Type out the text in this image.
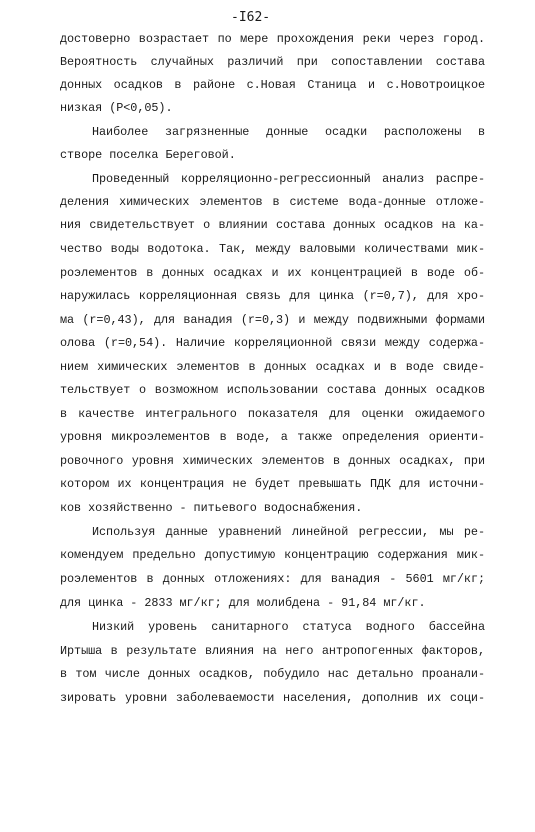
-I62-
достоверно возрастает по мере прохождения реки через город.
Вероятность случайных различий при сопоставлении состава
донных осадков в районе с.Новая Станица и с.Новотроицкое
низкая (Р<0,05).
Наиболее загрязненные донные осадки расположены в
створе поселка Береговой.
Проведенный корреляционно-регрессионный анализ распре-
деления химических элементов в системе вода-донные отложе-
ния свидетельствует о влиянии состава донных осадков на ка-
чество воды водотока. Так, между валовыми количествами мик-
роэлементов в донных осадках и их концентрацией в воде об-
наружилась корреляционная связь для цинка (r=0,7), для хро-
ма (r=0,43), для ванадия (r=0,3) и между подвижными формами
олова (r=0,54). Наличие корреляционной связи между содержа-
нием химических элементов в донных осадках и в воде свиде-
тельствует о возможном использовании состава донных осадков
в качестве интегрального показателя для оценки ожидаемого
уровня микроэлементов в воде, а также определения ориенти-
ровочного уровня химических элементов в донных осадках, при
котором их концентрация не будет превышать ПДК для источни-
ков хозяйственно - питьевого водоснабжения.
Используя данные уравнений линейной регрессии, мы ре-
комендуем предельно допустимую концентрацию содержания мик-
роэлементов в донных отложениях: для ванадия - 5601 мг/кг;
для цинка - 2833 мг/кг; для молибдена - 91,84 мг/кг.
Низкий уровень санитарного статуса водного бассейна
Иртыша в результате влияния на него антропогенных факторов,
в том числе донных осадков, побудило нас детально проанали-
зировать уровни заболеваемости населения, дополнив их соци-
